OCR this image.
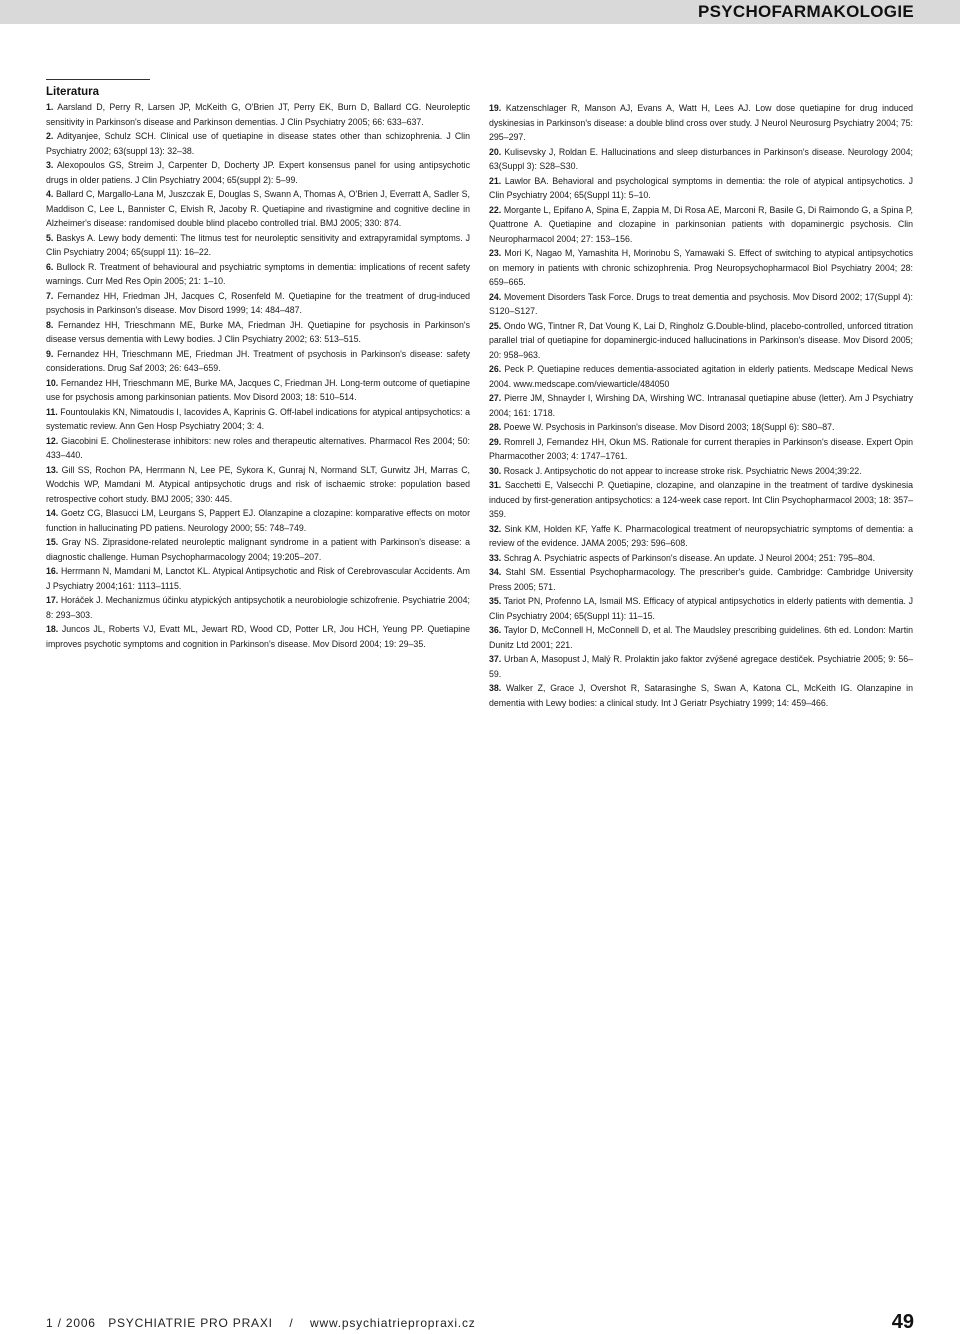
PSYCHOFARMAKOLOGIE
Literatura

1. Aarsland D, Perry R, Larsen JP, McKeith G, O'Brien JT, Perry EK, Burn D, Ballard CG. Neuroleptic sensitivity in Parkinson's disease and Parkinson dementias. J Clin Psychiatry 2005; 66: 633–637.

2. Adityanjee, Schulz SCH. Clinical use of quetiapine in disease states other than schizophrenia. J Clin Psychiatry 2002; 63(suppl 13): 32–38.

3. Alexopoulos GS, Streim J, Carpenter D, Docherty JP. Expert konsensus panel for using antipsychotic drugs in older patiens. J Clin Psychiatry 2004; 65(suppl 2): 5–99.

4. Ballard C, Margallo-Lana M, Juszczak E, Douglas S, Swann A, Thomas A, O'Brien J, Everratt A, Sadler S, Maddison C, Lee L, Bannister C, Elvish R, Jacoby R. Quetiapine and rivastigmine and cognitive decline in Alzheimer's disease: randomised double blind placebo controlled trial. BMJ 2005; 330: 874.

5. Baskys A. Lewy body dementi: The litmus test for neuroleptic sensitivity and extrapyramidal symptoms. J Clin Psychiatry 2004; 65(suppl 11): 16–22.

6. Bullock R. Treatment of behavioural and psychiatric symptoms in dementia: implications of recent safety warnings. Curr Med Res Opin 2005; 21: 1–10.

7. Fernandez HH, Friedman JH, Jacques C, Rosenfeld M. Quetiapine for the treatment of drug-induced psychosis in Parkinson's disease. Mov Disord 1999; 14: 484–487.

8. Fernandez HH, Trieschmann ME, Burke MA, Friedman JH. Quetiapine for psychosis in Parkinson's disease versus dementia with Lewy bodies. J Clin Psychiatry 2002; 63: 513–515.

9. Fernandez HH, Trieschmann ME, Friedman JH. Treatment of psychosis in Parkinson's disease: safety considerations. Drug Saf 2003; 26: 643–659.

10. Fernandez HH, Trieschmann ME, Burke MA, Jacques C, Friedman JH. Long-term outcome of quetiapine use for psychosis among parkinsonian patients. Mov Disord 2003; 18: 510–514.

11. Fountoulakis KN, Nimatoudis I, Iacovides A, Kaprinis G. Off-label indications for atypical antipsychotics: a systematic review. Ann Gen Hosp Psychiatry 2004; 3: 4.

12. Giacobini E. Cholinesterase inhibitors: new roles and therapeutic alternatives. Pharmacol Res 2004; 50: 433–440.

13. Gill SS, Rochon PA, Herrmann N, Lee PE, Sykora K, Gunraj N, Normand SLT, Gurwitz JH, Marras C, Wodchis WP, Mamdani M. Atypical antipsychotic drugs and risk of ischaemic stroke: population based retrospective cohort study. BMJ 2005; 330: 445.

14. Goetz CG, Blasucci LM, Leurgans S, Pappert EJ. Olanzapine a clozapine: komparative effects on motor function in hallucinating PD patiens. Neurology 2000; 55: 748–749.

15. Gray NS. Ziprasidone-related neuroleptic malignant syndrome in a patient with Parkinson's disease: a diagnostic challenge. Human Psychopharmacology 2004; 19:205–207.

16. Herrmann N, Mamdani M, Lanctot KL. Atypical Antipsychotic and Risk of Cerebrovascular Accidents. Am J Psychiatry 2004;161: 1113–1115.

17. Horáček J. Mechanizmus účinku atypických antipsychotik a neurobiologie schizofrenie. Psychiatrie 2004; 8: 293–303.

18. Juncos JL, Roberts VJ, Evatt ML, Jewart RD, Wood CD, Potter LR, Jou HCH, Yeung PP. Quetiapine improves psychotic symptoms and cognition in Parkinson's disease. Mov Disord 2004; 19: 29–35.

19. Katzenschlager R, Manson AJ, Evans A, Watt H, Lees AJ. Low dose quetiapine for drug induced dyskinesias in Parkinson's disease: a double blind cross over study. J Neurol Neurosurg Psychiatry 2004; 75: 295–297.

20. Kulisevsky J, Roldan E. Hallucinations and sleep disturbances in Parkinson's disease. Neurology 2004; 63(Suppl 3): S28–S30.

21. Lawlor BA. Behavioral and psychological symptoms in dementia: the role of atypical antipsychotics. J Clin Psychiatry 2004; 65(Suppl 11): 5–10.

22. Morgante L, Epifano A, Spina E, Zappia M, Di Rosa AE, Marconi R, Basile G, Di Raimondo G, a Spina P, Quattrone A. Quetiapine and clozapine in parkinsonian patients with dopaminergic psychosis. Clin Neuropharmacol 2004; 27: 153–156.

23. Mori K, Nagao M, Yamashita H, Morinobu S, Yamawaki S. Effect of switching to atypical antipsychotics on memory in patients with chronic schizophrenia. Prog Neuropsychopharmacol Biol Psychiatry 2004; 28: 659–665.

24. Movement Disorders Task Force. Drugs to treat dementia and psychosis. Mov Disord 2002; 17(Suppl 4): S120–S127.

25. Ondo WG, Tintner R, Dat Voung K, Lai D, Ringholz G.Double-blind, placebo-controlled, unforced titration parallel trial of quetiapine for dopaminergic-induced hallucinations in Parkinson's disease. Mov Disord 2005; 20: 958–963.

26. Peck P. Quetiapine reduces dementia-associated agitation in elderly patients. Medscape Medical News 2004. www.medscape.com/viewarticle/484050

27. Pierre JM, Shnayder I, Wirshing DA, Wirshing WC. Intranasal quetiapine abuse (letter). Am J Psychiatry 2004; 161: 1718.

28. Poewe W. Psychosis in Parkinson's disease. Mov Disord 2003; 18(Suppl 6): S80–87.

29. Romrell J, Fernandez HH, Okun MS. Rationale for current therapies in Parkinson's disease. Expert Opin Pharmacother 2003; 4: 1747–1761.

30. Rosack J. Antipsychotic do not appear to increase stroke risk. Psychiatric News 2004;39:22.

31. Sacchetti E, Valsecchi P. Quetiapine, clozapine, and olanzapine in the treatment of tardive dyskinesia induced by first-generation antipsychotics: a 124-week case report. Int Clin Psychopharmacol 2003; 18: 357–359.

32. Sink KM, Holden KF, Yaffe K. Pharmacological treatment of neuropsychiatric symptoms of dementia: a review of the evidence. JAMA 2005; 293: 596–608.

33. Schrag A. Psychiatric aspects of Parkinson's disease. An update. J Neurol 2004; 251: 795–804.

34. Stahl SM. Essential Psychopharmacology. The prescriber's guide. Cambridge: Cambridge University Press 2005; 571.

35. Tariot PN, Profenno LA, Ismail MS. Efficacy of atypical antipsychotics in elderly patients with dementia. J Clin Psychiatry 2004; 65(Suppl 11): 11–15.

36. Taylor D, McConnell H, McConnell D, et al. The Maudsley prescribing guidelines. 6th ed. London: Martin Dunitz Ltd 2001; 221.

37. Urban A, Masopust J, Malý R. Prolaktin jako faktor zvýšené agregace destiček. Psychiatrie 2005; 9: 56–59.

38. Walker Z, Grace J, Overshot R, Satarasinghe S, Swan A, Katona CL, McKeith IG. Olanzapine in dementia with Lewy bodies: a clinical study. Int J Geriatr Psychiatry 1999; 14: 459–466.

1 / 2006 PSYCHIATRIE PRO PRAXI / www.psychiatriepropraxi.cz	49
